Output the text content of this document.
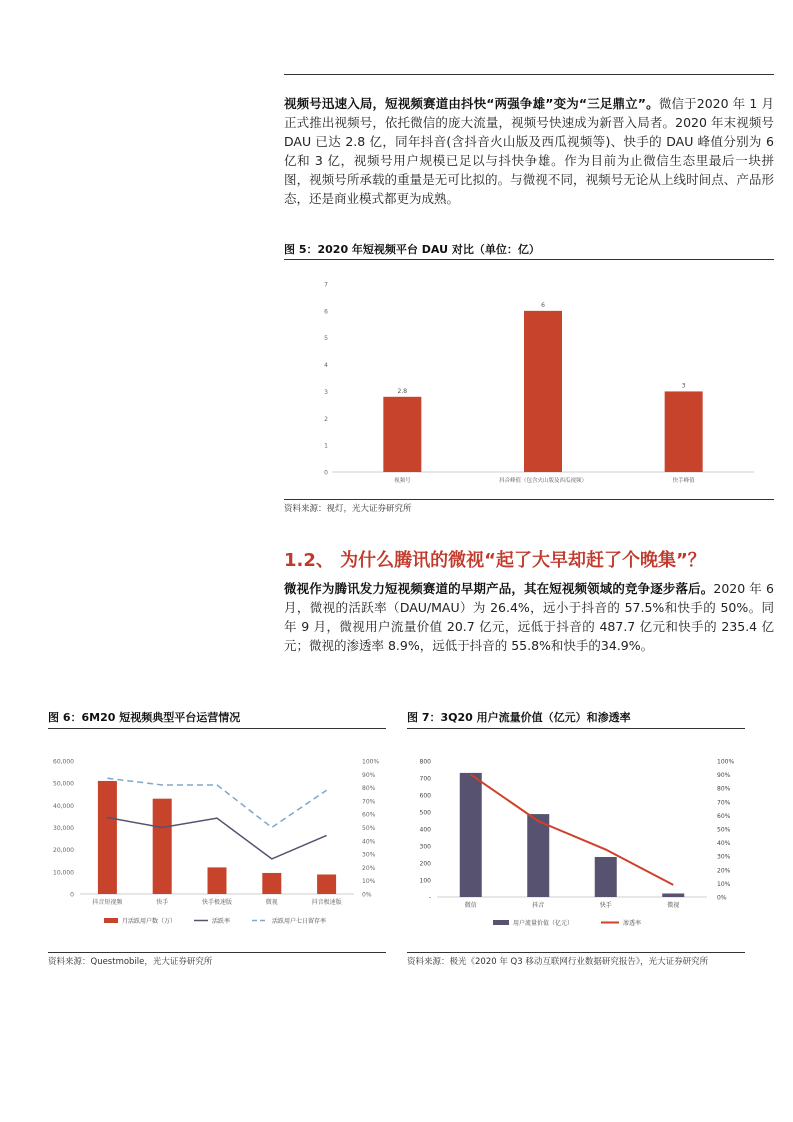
视频号迅速入局，短视频赛道由抖快“两强争雄”变为“三足鼎立”。微信于2020 年 1 月正式推出视频号，依托微信的庞大流量，视频号快速成为新晋入局者。2020 年末视频号 DAU 已达 2.8 亿，同年抖音(含抖音火山版及西瓜视频等)、快手的 DAU 峰值分别为 6 亿和 3 亿，视频号用户规模已足以与抖快争雄。作为目前为止微信生态里最后一块拼图，视频号所承载的重量是无可比拟的。与微视不同，视频号无论从上线时间点、产品形态，还是商业模式都更为成熟。
图 5：2020 年短视频平台 DAU 对比（单位：亿）
0
1
2
3
4
5
6
7
2.8
视频号
6
抖音峰值（包含火山版及西瓜视频）
3
快手峰值
资料来源：视灯，光大证券研究所
1.2、 为什么腾讯的微视“起了大早却赶了个晚集”？
微视作为腾讯发力短视频赛道的早期产品，其在短视频领域的竞争逐步落后。2020 年 6 月，微视的活跃率（DAU/MAU）为 26.4%，远小于抖音的 57.5%和快手的 50%。同年 9 月，微视用户流量价值 20.7 亿元，远低于抖音的 487.7 亿元和快手的 235.4 亿元；微视的渗透率 8.9%，远低于抖音的 55.8%和快手的34.9%。
图 6：6M20 短视频典型平台运营情况
0
10,000
20,000
30,000
40,000
50,000
60,000
0%
10%
20%
30%
40%
50%
60%
70%
80%
90%
100%
抖音短视频	快手	快手极速版	微视	抖音极速版
月活跃用户数（万）	活跃率	活跃用户七日留存率
资料来源：Questmobile，光大证券研究所
图 7：3Q20 用户流量价值（亿元）和渗透率
-
100
200
300
400
500
600
700
800
0%
10%
20%
30%
40%
50%
60%
70%
80%
90%
100%
微信	抖音	快手	微视
用户流量价值（亿元）	渗透率
资料来源：极光《2020 年 Q3 移动互联网行业数据研究报告》，光大证券研究所
